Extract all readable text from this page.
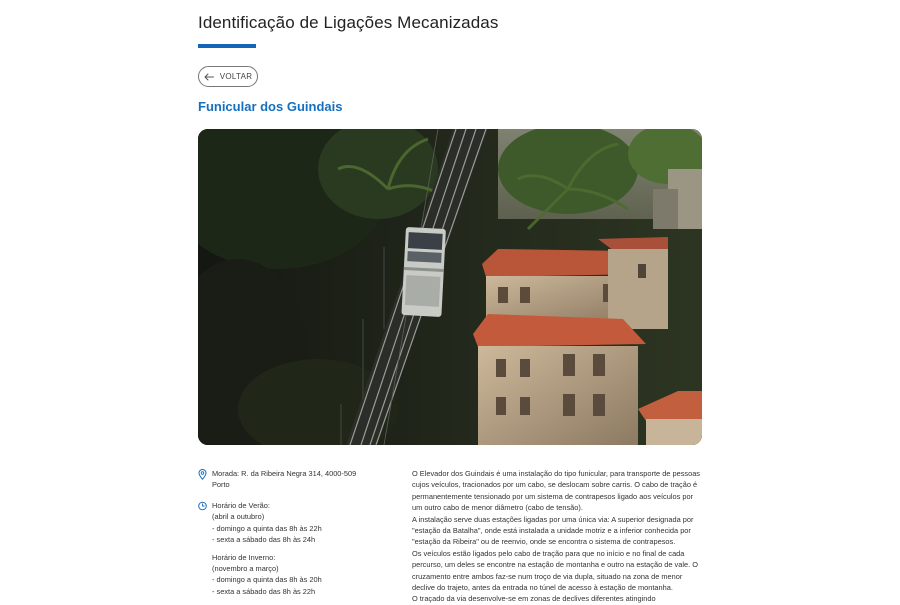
Identificação de Ligações Mecanizadas
VOLTAR
Funicular dos Guindais
Morada: R. da Ribeira Negra 314, 4000-509
Porto
Horário de Verão:
(abril a outubro)
- domingo a quinta das 8h às 22h
- sexta a sábado das 8h às 24h
Horário de Inverno:
(novembro a março)
- domingo a quinta das 8h às 20h
- sexta a sábado das 8h às 22h

O Elevador dos Guindais é uma instalação do tipo funicular, para transporte de pessoas cujos veículos, tracionados por um cabo, se deslocam sobre carris. O cabo de tração é permanentemente tensionado por um sistema de contrapesos ligado aos veículos por um outro cabo de menor diâmetro (cabo de tensão).

A instalação serve duas estações ligadas por uma única via: A superior designada por "estação da Batalha", onde está instalada a unidade motriz e a inferior conhecida por "estação da Ribeira" ou de reenvio, onde se encontra o sistema de contrapesos.

Os veículos estão ligados pelo cabo de tração para que no início e no final de cada percurso, um deles se encontre na estação de montanha e outro na estação de vale. O cruzamento entre ambos faz-se num troço de via dupla, situado na zona de menor declive do trajeto, antes da entrada no túnel de acesso à estação de montanha.

O traçado da via desenvolve-se em zonas de declives diferentes atingindo
